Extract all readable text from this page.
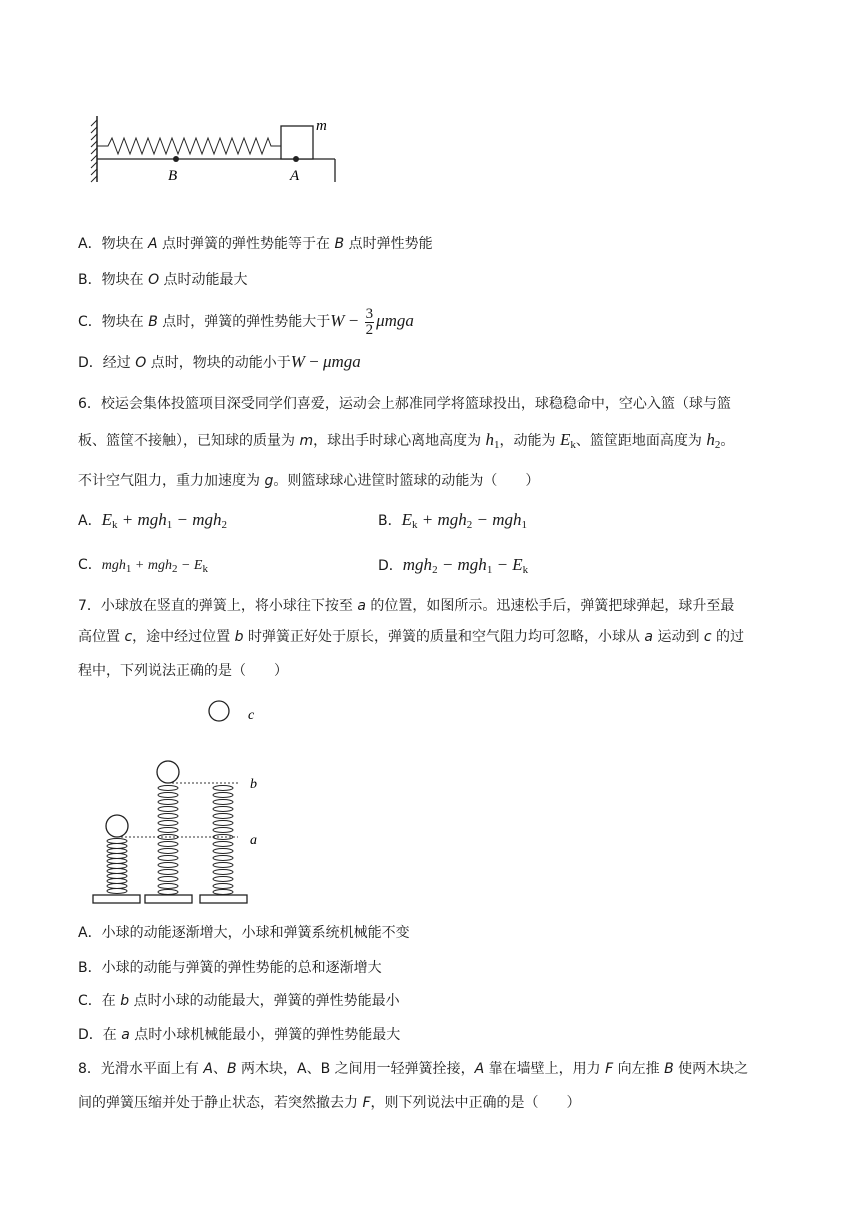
m
B	A
A．物块在 A 点时弹簧的弹性势能等于在 B 点时弹性势能
B．物块在 O 点时动能最大
C．物块在 B 点时，弹簧的弹性势能大于$W - \frac{3}{2}$ μmga
D．经过 O 点时，物块的动能小于W − μmga
6．校运会集体投篮项目深受同学们喜爱，运动会上郝准同学将篮球投出，球稳稳命中，空心入篮（球与篮
板、篮筐不接触），已知球的质量为 m，球出手时球心离地高度为 $h_1$，动能为 $E_k$、篮筐距地面高度为 $h_2$。
不计空气阻力，重力加速度为 g。则篮球球心进筐时篮球的动能为（　　）
A．$E_k + mgh_1 - mgh_2$	B．$E_k + mgh_2 - mgh_1$
C．$mgh_1 + mgh_2 - E_k$	D．$mgh_2 - mgh_1 - E_k$
7．小球放在竖直的弹簧上，将小球往下按至 a 的位置，如图所示。迅速松手后，弹簧把球弹起，球升至最
高位置 c，途中经过位置 b 时弹簧正好处于原长，弹簧的质量和空气阻力均可忽略，小球从 a 运动到 c 的过
程中，下列说法正确的是（　　）
c
b
a
A．小球的动能逐渐增大，小球和弹簧系统机械能不变
B．小球的动能与弹簧的弹性势能的总和逐渐增大
C．在 b 点时小球的动能最大，弹簧的弹性势能最小
D．在 a 点时小球机械能最小，弹簧的弹性势能最大
8．光滑水平面上有 A、B 两木块，A、B 之间用一轻弹簧拴接，A 靠在墙壁上，用力 F 向左推 B 使两木块之
间的弹簧压缩并处于静止状态，若突然撤去力 F，则下列说法中正确的是（　　）
